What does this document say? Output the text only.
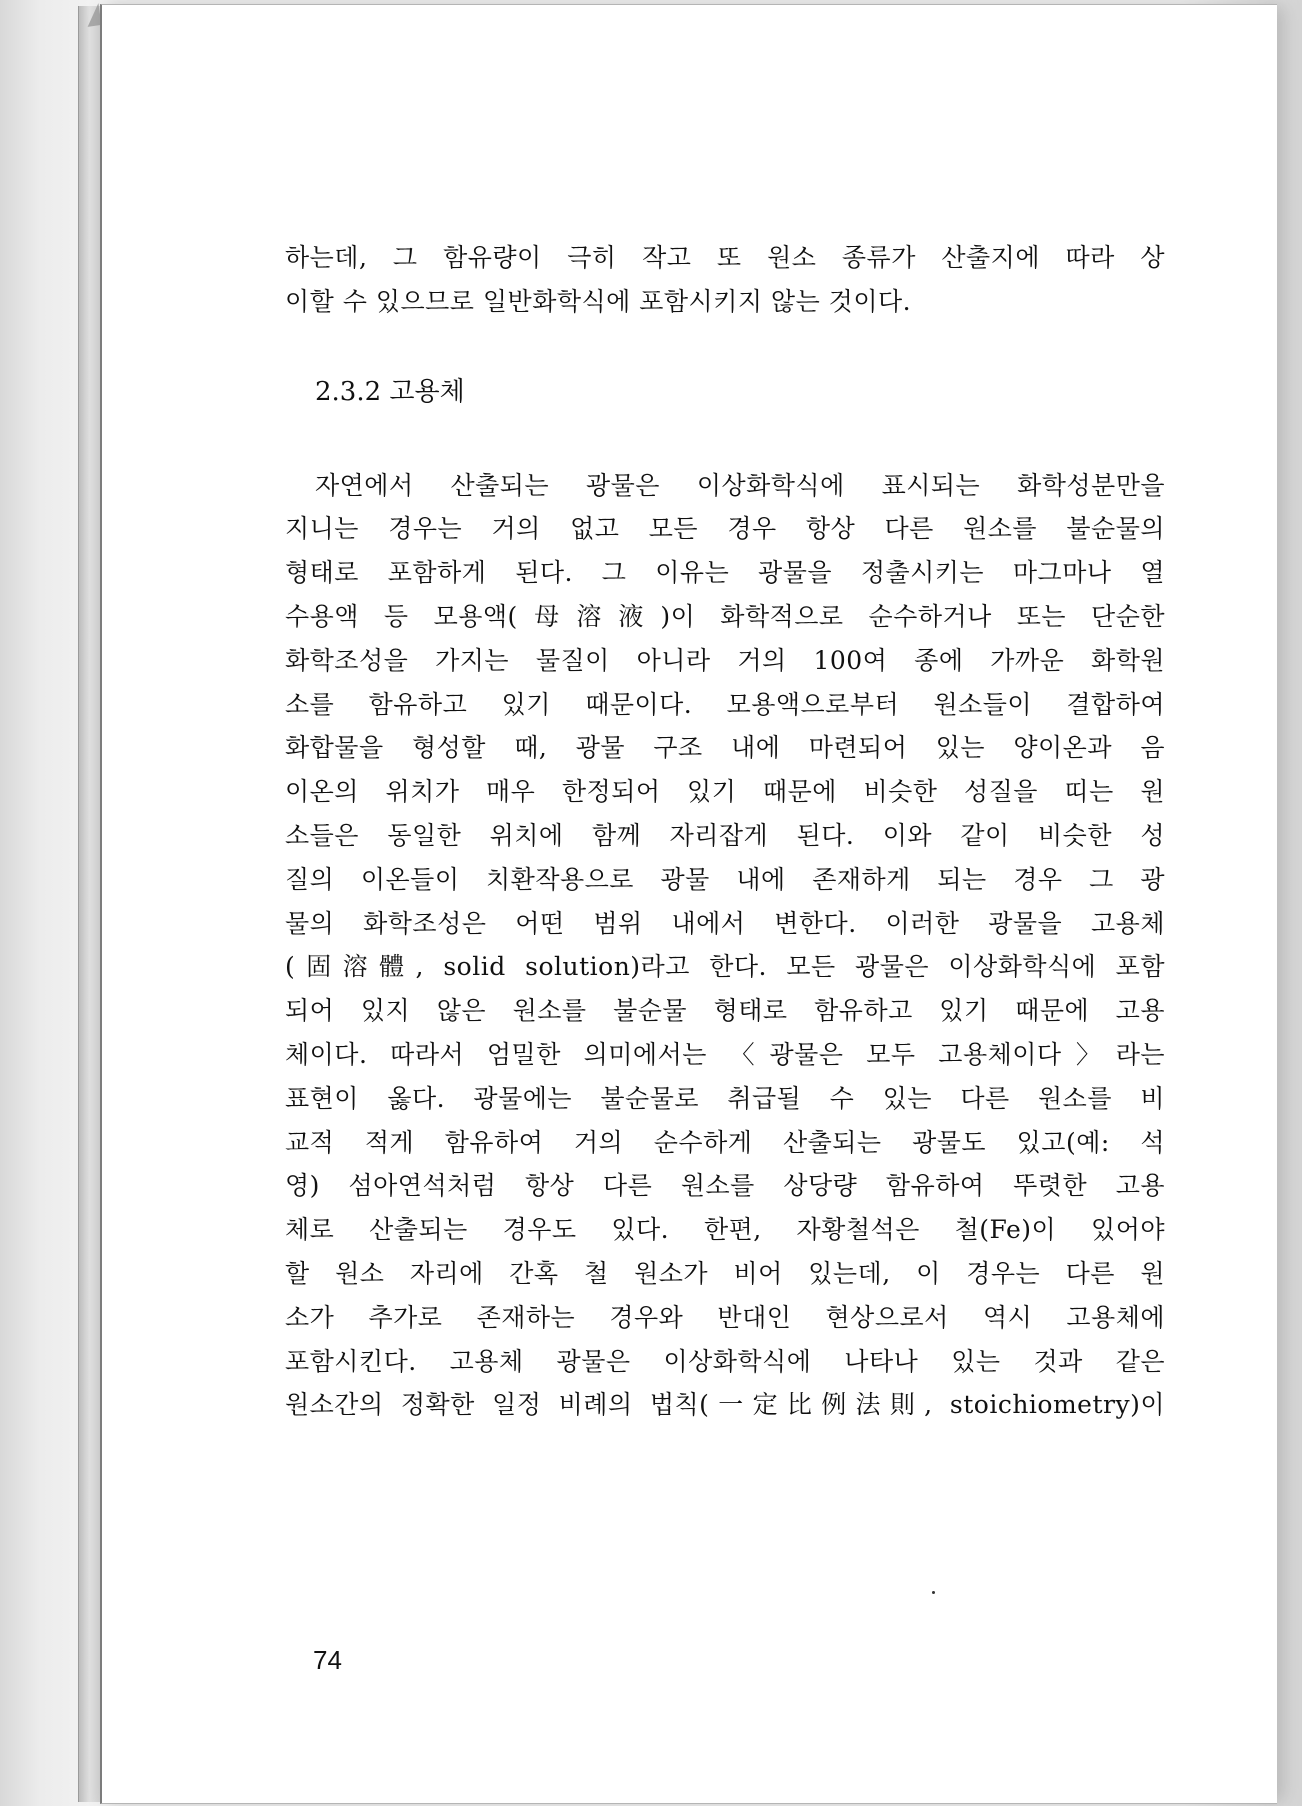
하는데, 그 함유량이 극히 작고 또 원소 종류가 산출지에 따라 상
이할 수 있으므로 일반화학식에 포함시키지 않는 것이다.
2.3.2 고용체
자연에서 산출되는 광물은 이상화학식에 표시되는 화학성분만을
지니는 경우는 거의 없고 모든 경우 항상 다른 원소를 불순물의
형태로 포함하게 된다. 그 이유는 광물을 정출시키는 마그마나 열
수용액 등 모용액(母溶液)이 화학적으로 순수하거나 또는 단순한
화학조성을 가지는 물질이 아니라 거의 100여 종에 가까운 화학원
소를 함유하고 있기 때문이다. 모용액으로부터 원소들이 결합하여
화합물을 형성할 때, 광물 구조 내에 마련되어 있는 양이온과 음
이온의 위치가 매우 한정되어 있기 때문에 비슷한 성질을 띠는 원
소들은 동일한 위치에 함께 자리잡게 된다. 이와 같이 비슷한 성
질의 이온들이 치환작용으로 광물 내에 존재하게 되는 경우 그 광
물의 화학조성은 어떤 범위 내에서 변한다. 이러한 광물을 고용체
(固溶體, solid solution)라고 한다. 모든 광물은 이상화학식에 포함
되어 있지 않은 원소를 불순물 형태로 함유하고 있기 때문에 고용
체이다. 따라서 엄밀한 의미에서는 〈광물은 모두 고용체이다〉라는
표현이 옳다. 광물에는 불순물로 취급될 수 있는 다른 원소를 비
교적 적게 함유하여 거의 순수하게 산출되는 광물도 있고(예: 석
영) 섬아연석처럼 항상 다른 원소를 상당량 함유하여 뚜렷한 고용
체로 산출되는 경우도 있다. 한편, 자황철석은 철(Fe)이 있어야
할 원소 자리에 간혹 철 원소가 비어 있는데, 이 경우는 다른 원
소가 추가로 존재하는 경우와 반대인 현상으로서 역시 고용체에
포함시킨다. 고용체 광물은 이상화학식에 나타나 있는 것과 같은
원소간의 정확한 일정 비례의 법칙(一定比例法則, stoichiometry)이
74
